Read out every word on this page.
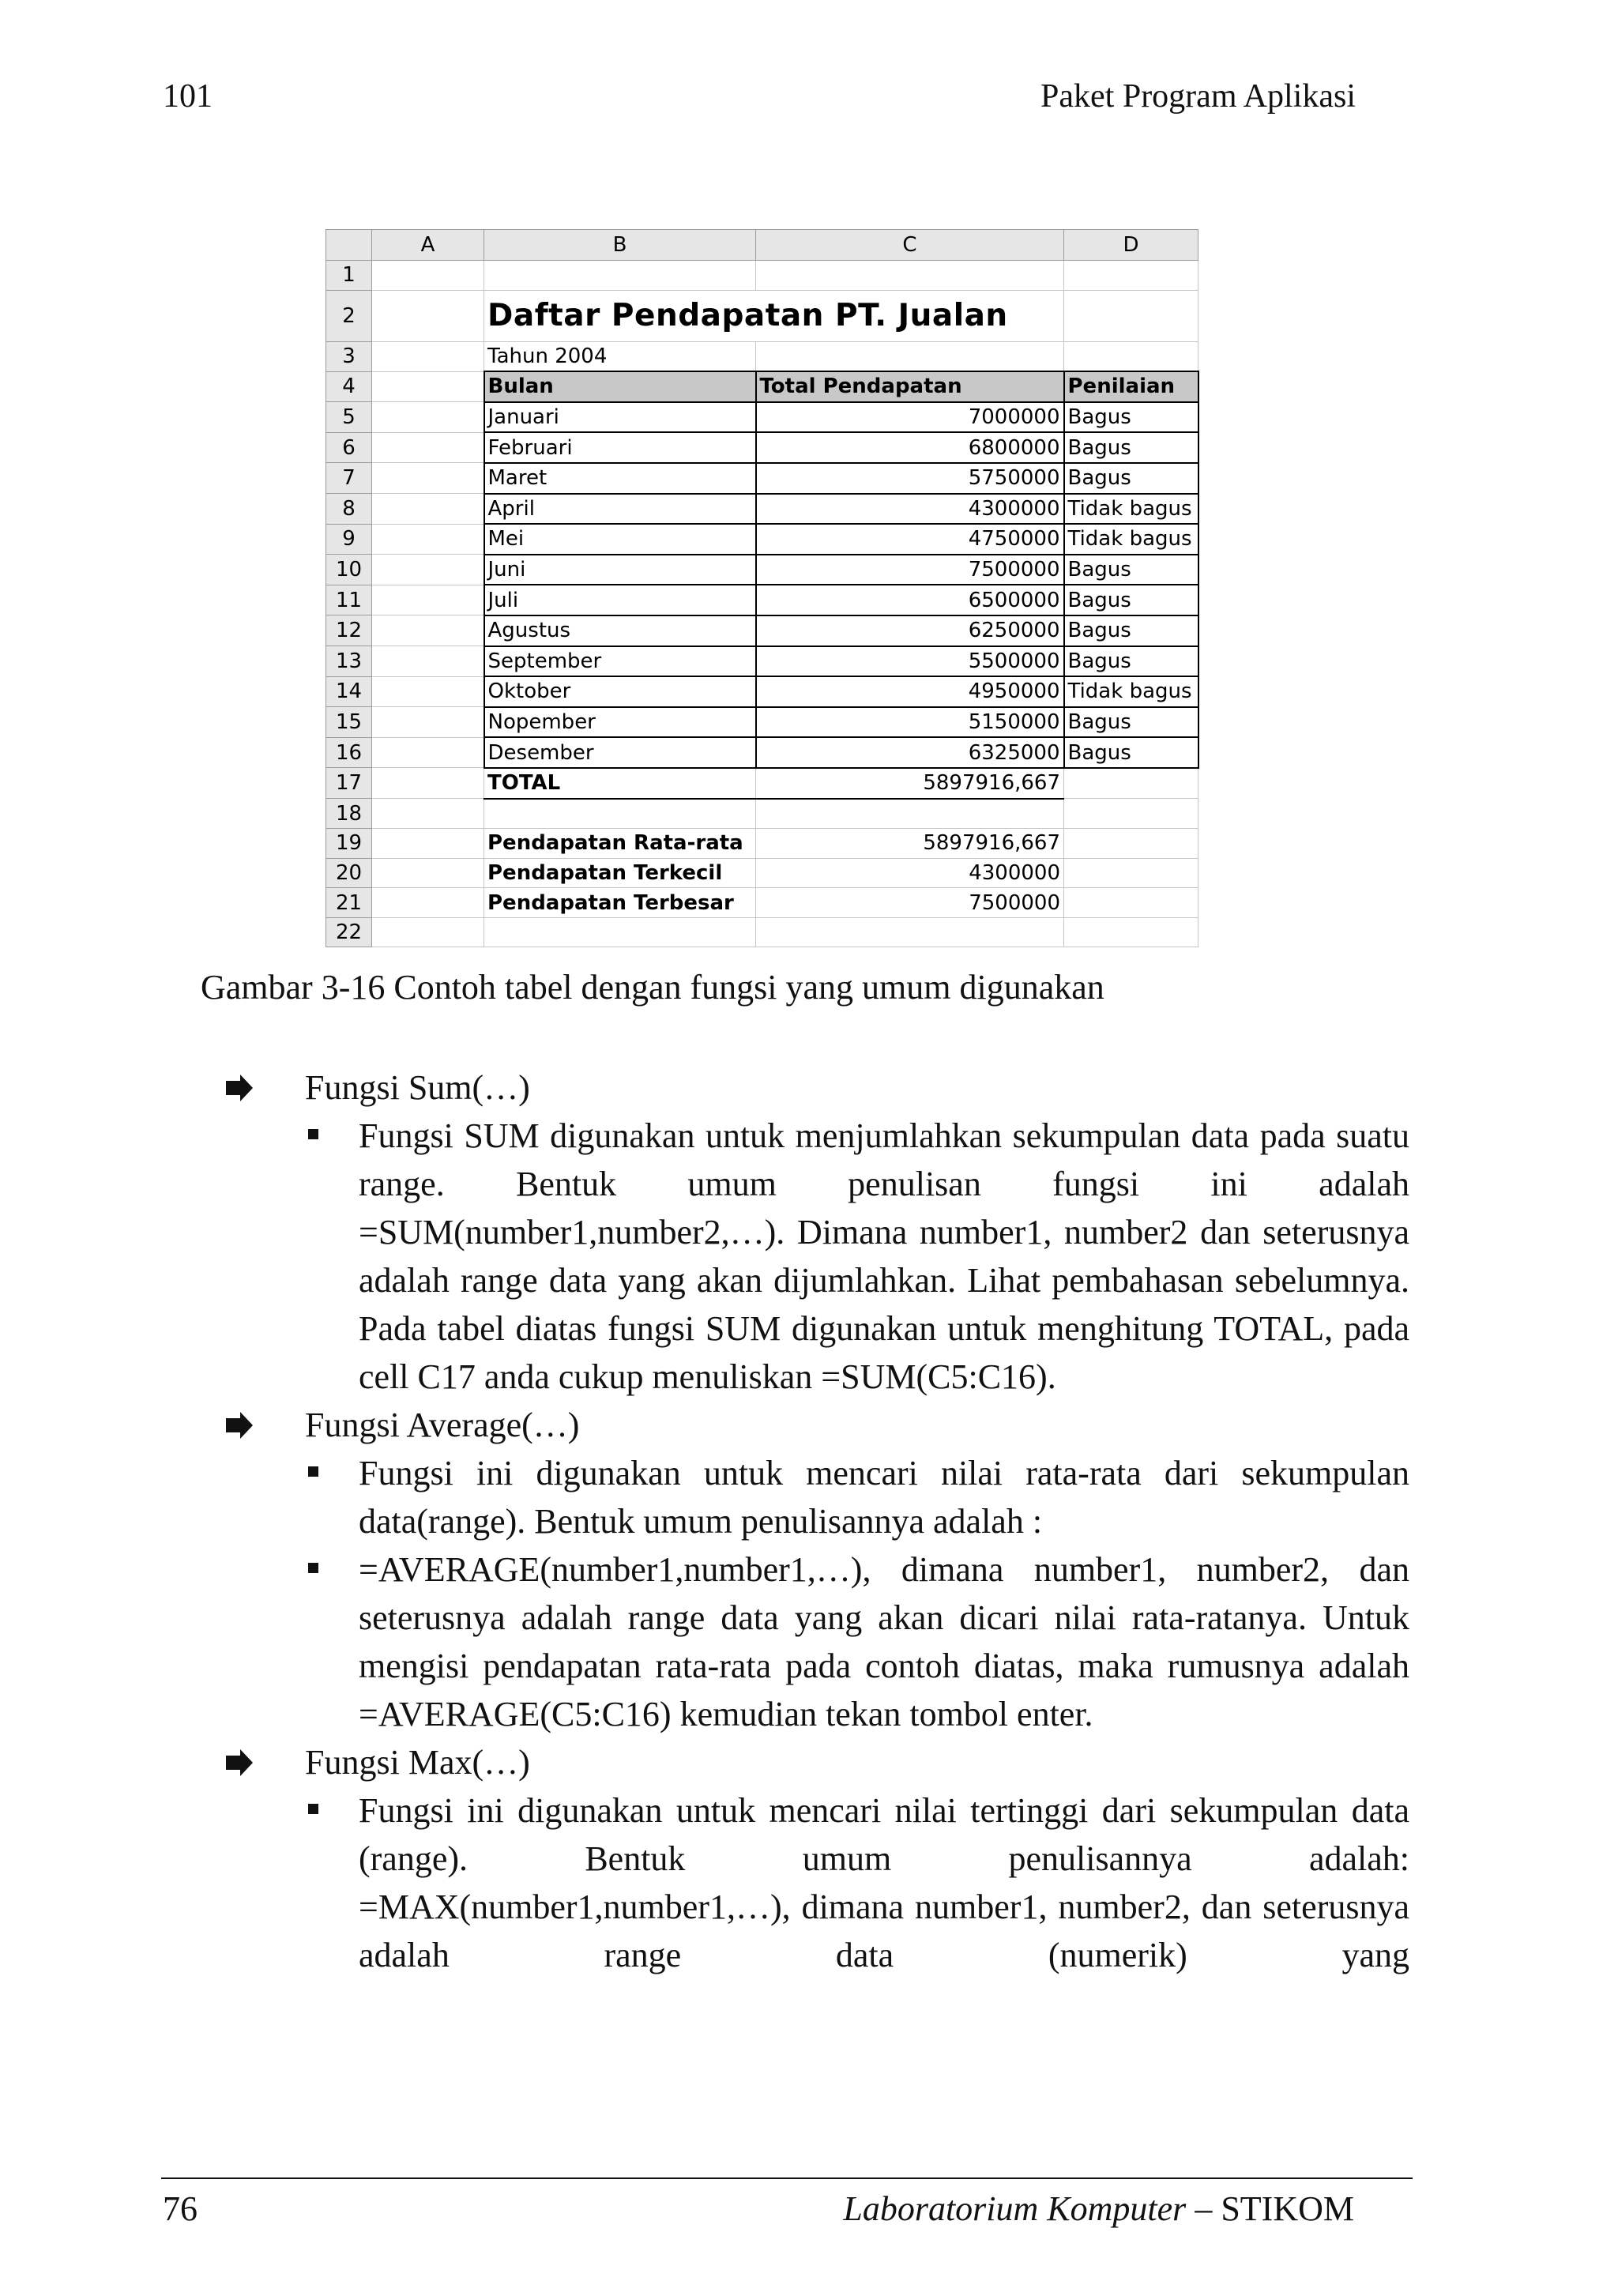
101	Paket Program Aplikasi
	A	B	C	D
1				
2		Daftar Pendapatan PT. Jualan		
3		Tahun 2004		
4		Bulan	Total Pendapatan	Penilaian
5		Januari	7000000	Bagus
6		Februari	6800000	Bagus
7		Maret	5750000	Bagus
8		April	4300000	Tidak bagus
9		Mei	4750000	Tidak bagus
10		Juni	7500000	Bagus
11		Juli	6500000	Bagus
12		Agustus	6250000	Bagus
13		September	5500000	Bagus
14		Oktober	4950000	Tidak bagus
15		Nopember	5150000	Bagus
16		Desember	6325000	Bagus
17		TOTAL	5897916,667	
18				
19		Pendapatan Rata-rata	5897916,667	
20		Pendapatan Terkecil	4300000	
21		Pendapatan Terbesar	7500000	
22				
Gambar 3-16 Contoh tabel dengan fungsi yang umum digunakan
Fungsi Sum(…)
Fungsi SUM digunakan untuk menjumlahkan sekumpulan data pada suatu range. Bentuk umum penulisan fungsi ini adalah =SUM(number1,number2,…). Dimana number1, number2 dan seterusnya adalah range data yang akan dijumlahkan. Lihat pembahasan sebelumnya. Pada tabel diatas fungsi SUM digunakan untuk menghitung TOTAL, pada cell C17 anda cukup menuliskan =SUM(C5:C16).
Fungsi Average(…)
Fungsi ini digunakan untuk mencari nilai rata-rata dari sekumpulan data(range). Bentuk umum penulisannya adalah :
=AVERAGE(number1,number1,…), dimana number1, number2, dan seterusnya adalah range data yang akan dicari nilai rata-ratanya. Untuk mengisi pendapatan rata-rata pada contoh diatas, maka rumusnya adalah =AVERAGE(C5:C16) kemudian tekan tombol enter.
Fungsi Max(…)
Fungsi ini digunakan untuk mencari nilai tertinggi dari sekumpulan data (range). Bentuk umum penulisannya adalah: =MAX(number1,number1,…), dimana number1, number2, dan seterusnya adalah range data (numerik) yang
76	Laboratorium Komputer – STIKOM
